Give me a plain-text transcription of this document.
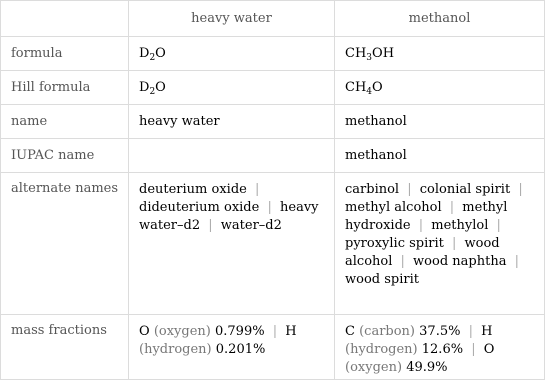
	heavy water	methanol
formula	$D_2O$	$CH_3OH$
Hill formula	$D_2O$	$CH_4O$
name	heavy water	methanol
IUPAC name		methanol
alternate names	deuterium oxide | dideuterium oxide | heavy water–d2 | water–d2	carbinol | colonial spirit | methyl alcohol | methyl hydroxide | methylol | pyroxylic spirit | wood alcohol | wood naphtha | wood spirit
mass fractions	O (oxygen) 0.799% | H (hydrogen) 0.201%	C (carbon) 37.5% | H (hydrogen) 12.6% | O (oxygen) 49.9%
